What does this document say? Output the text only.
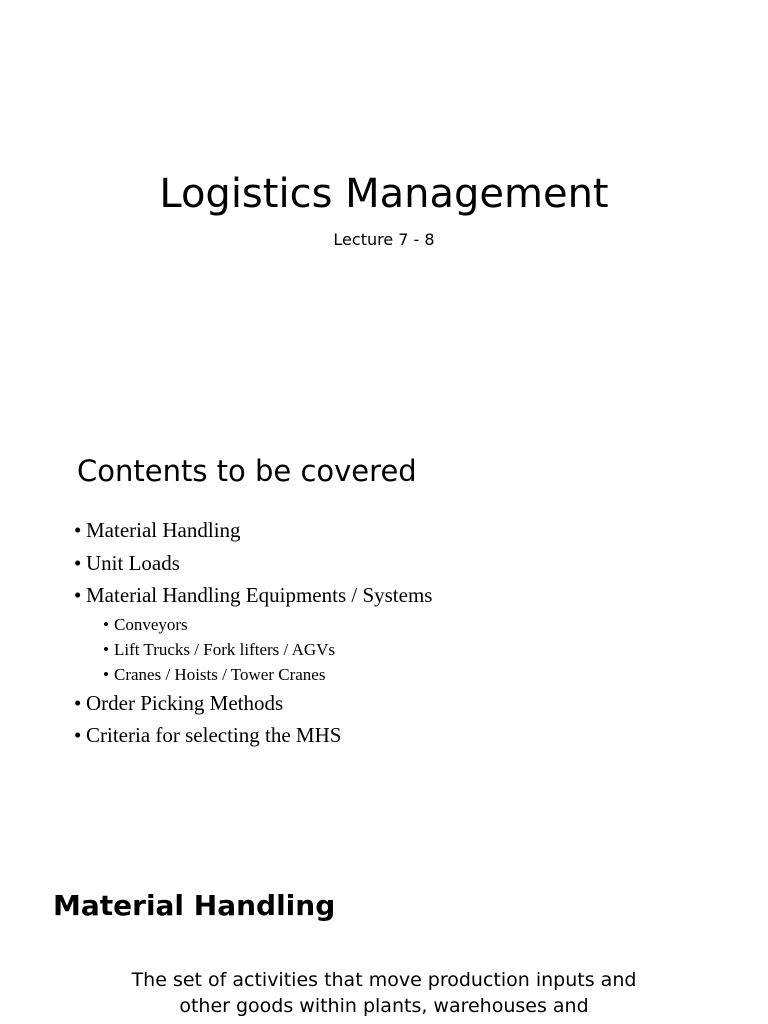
Logistics Management
Lecture 7 - 8
Contents to be covered
• Material Handling
• Unit Loads
• Material Handling Equipments / Systems
• Conveyors
• Lift Trucks / Fork lifters / AGVs
• Cranes / Hoists / Tower Cranes
• Order Picking Methods
• Criteria for selecting the MHS
Material Handling
The set of activities that move production inputs and
other goods within plants, warehouses and
